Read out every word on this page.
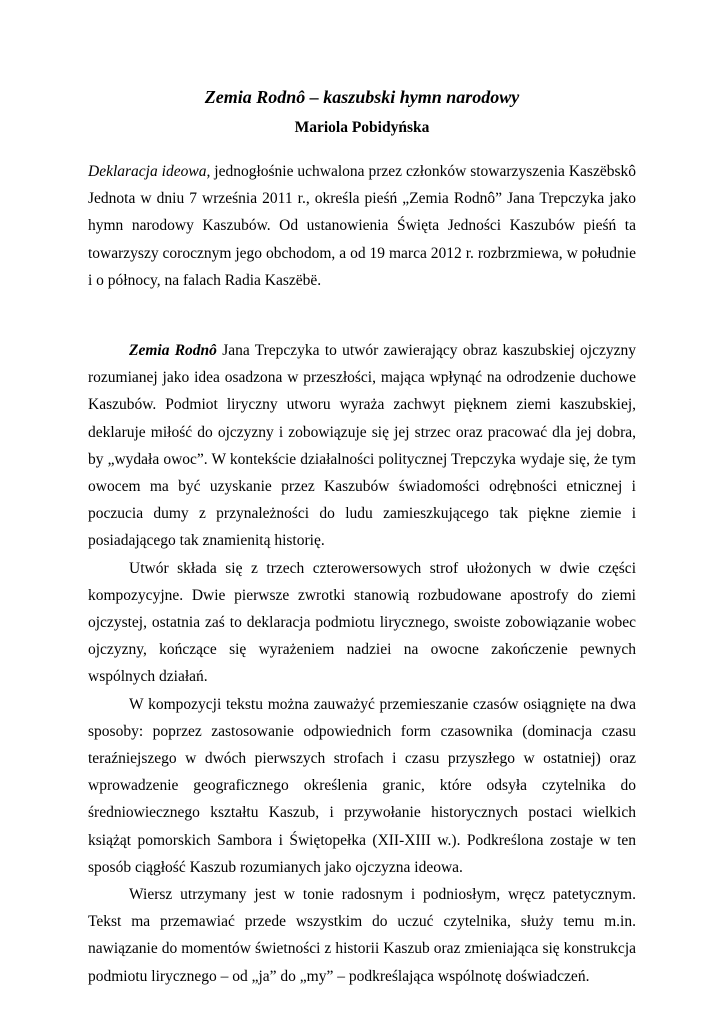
Zemia Rodnô – kaszubski hymn narodowy
Mariola Pobidyńska

Deklaracja ideowa, jednogłośnie uchwalona przez członków stowarzyszenia Kaszëbskô Jednota w dniu 7 września 2011 r., określa pieśń „Zemia Rodnô” Jana Trepczyka jako hymn narodowy Kaszubów. Od ustanowienia Święta Jedności Kaszubów pieśń ta towarzyszy corocznym jego obchodom, a od 19 marca 2012 r. rozbrzmiewa, w południe i o północy, na falach Radia Kaszëbë.

Zemia Rodnô Jana Trepczyka to utwór zawierający obraz kaszubskiej ojczyzny rozumianej jako idea osadzona w przeszłości, mająca wpłynąć na odrodzenie duchowe Kaszubów. Podmiot liryczny utworu wyraża zachwyt pięknem ziemi kaszubskiej, deklaruje miłość do ojczyzny i zobowiązuje się jej strzec oraz pracować dla jej dobra, by „wydała owoc”. W kontekście działalności politycznej Trepczyka wydaje się, że tym owocem ma być uzyskanie przez Kaszubów świadomości odrębności etnicznej i poczucia dumy z przynależności do ludu zamieszkującego tak piękne ziemie i posiadającego tak znamienitą historię.

Utwór składa się z trzech czterowersowych strof ułożonych w dwie części kompozycyjne. Dwie pierwsze zwrotki stanowią rozbudowane apostrofy do ziemi ojczystej, ostatnia zaś to deklaracja podmiotu lirycznego, swoiste zobowiązanie wobec ojczyzny, kończące się wyrażeniem nadziei na owocne zakończenie pewnych wspólnych działań.

W kompozycji tekstu można zauważyć przemieszanie czasów osiągnięte na dwa sposoby: poprzez zastosowanie odpowiednich form czasownika (dominacja czasu teraźniejszego w dwóch pierwszych strofach i czasu przyszłego w ostatniej) oraz wprowadzenie geograficznego określenia granic, które odsyła czytelnika do średniowiecznego kształtu Kaszub, i przywołanie historycznych postaci wielkich książąt pomorskich Sambora i Świętopełka (XII-XIII w.). Podkreślona zostaje w ten sposób ciągłość Kaszub rozumianych jako ojczyzna ideowa.

Wiersz utrzymany jest w tonie radosnym i podniosłym, wręcz patetycznym. Tekst ma przemawiać przede wszystkim do uczuć czytelnika, służy temu m.in. nawiązanie do momentów świetności z historii Kaszub oraz zmieniająca się konstrukcja podmiotu lirycznego – od „ja” do „my” – podkreślająca wspólnotę doświadczeń.
